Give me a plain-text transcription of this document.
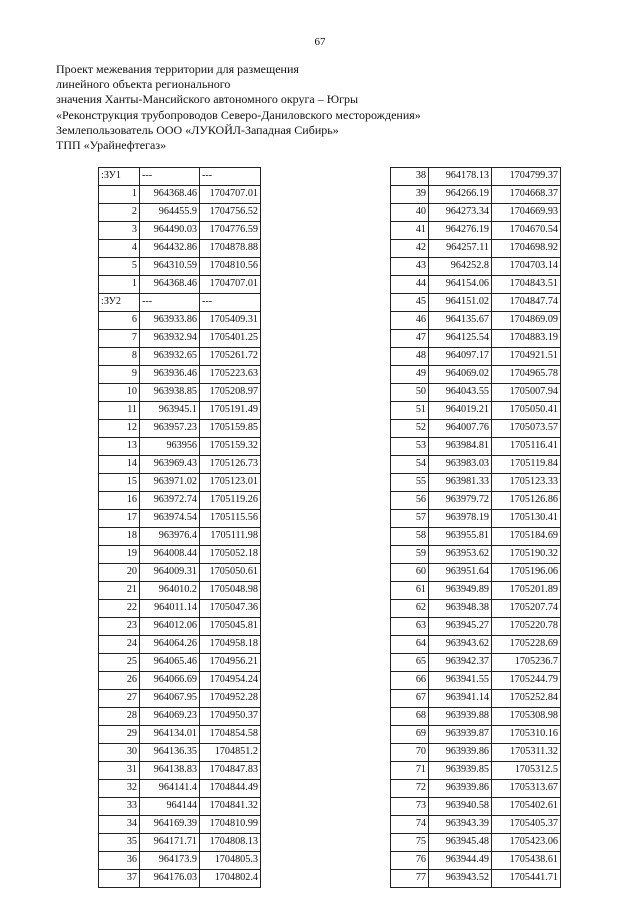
67
Проект межевания территории для размещения
линейного объекта регионального
значения Ханты-Мансийского автономного округа – Югры
«Реконструкция трубопроводов Северо-Даниловского месторождения»
Землепользователь ООО «ЛУКОЙЛ-Западная Сибирь»
ТПП «Урайнефтегаз»
:ЗУ1	---	---
1	964368.46	1704707.01
2	964455.9	1704756.52
3	964490.03	1704776.59
4	964432.86	1704878.88
5	964310.59	1704810.56
1	964368.46	1704707.01
:ЗУ2	---	---
6	963933.86	1705409.31
7	963932.94	1705401.25
8	963932.65	1705261.72
9	963936.46	1705223.63
10	963938.85	1705208.97
11	963945.1	1705191.49
12	963957.23	1705159.85
13	963956	1705159.32
14	963969.43	1705126.73
15	963971.02	1705123.01
16	963972.74	1705119.26
17	963974.54	1705115.56
18	963976.4	1705111.98
19	964008.44	1705052.18
20	964009.31	1705050.61
21	964010.2	1705048.98
22	964011.14	1705047.36
23	964012.06	1705045.81
24	964064.26	1704958.18
25	964065.46	1704956.21
26	964066.69	1704954.24
27	964067.95	1704952.28
28	964069.23	1704950.37
29	964134.01	1704854.58
30	964136.35	1704851.2
31	964138.83	1704847.83
32	964141.4	1704844.49
33	964144	1704841.32
34	964169.39	1704810.99
35	964171.71	1704808.13
36	964173.9	1704805.3
37	964176.03	1704802.4
38	964178.13	1704799.37
39	964266.19	1704668.37
40	964273.34	1704669.93
41	964276.19	1704670.54
42	964257.11	1704698.92
43	964252.8	1704703.14
44	964154.06	1704843.51
45	964151.02	1704847.74
46	964135.67	1704869.09
47	964125.54	1704883.19
48	964097.17	1704921.51
49	964069.02	1704965.78
50	964043.55	1705007.94
51	964019.21	1705050.41
52	964007.76	1705073.57
53	963984.81	1705116.41
54	963983.03	1705119.84
55	963981.33	1705123.33
56	963979.72	1705126.86
57	963978.19	1705130.41
58	963955.81	1705184.69
59	963953.62	1705190.32
60	963951.64	1705196.06
61	963949.89	1705201.89
62	963948.38	1705207.74
63	963945.27	1705220.78
64	963943.62	1705228.69
65	963942.37	1705236.7
66	963941.55	1705244.79
67	963941.14	1705252.84
68	963939.88	1705308.98
69	963939.87	1705310.16
70	963939.86	1705311.32
71	963939.85	1705312.5
72	963939.86	1705313.67
73	963940.58	1705402.61
74	963943.39	1705405.37
75	963945.48	1705423.06
76	963944.49	1705438.61
77	963943.52	1705441.71
